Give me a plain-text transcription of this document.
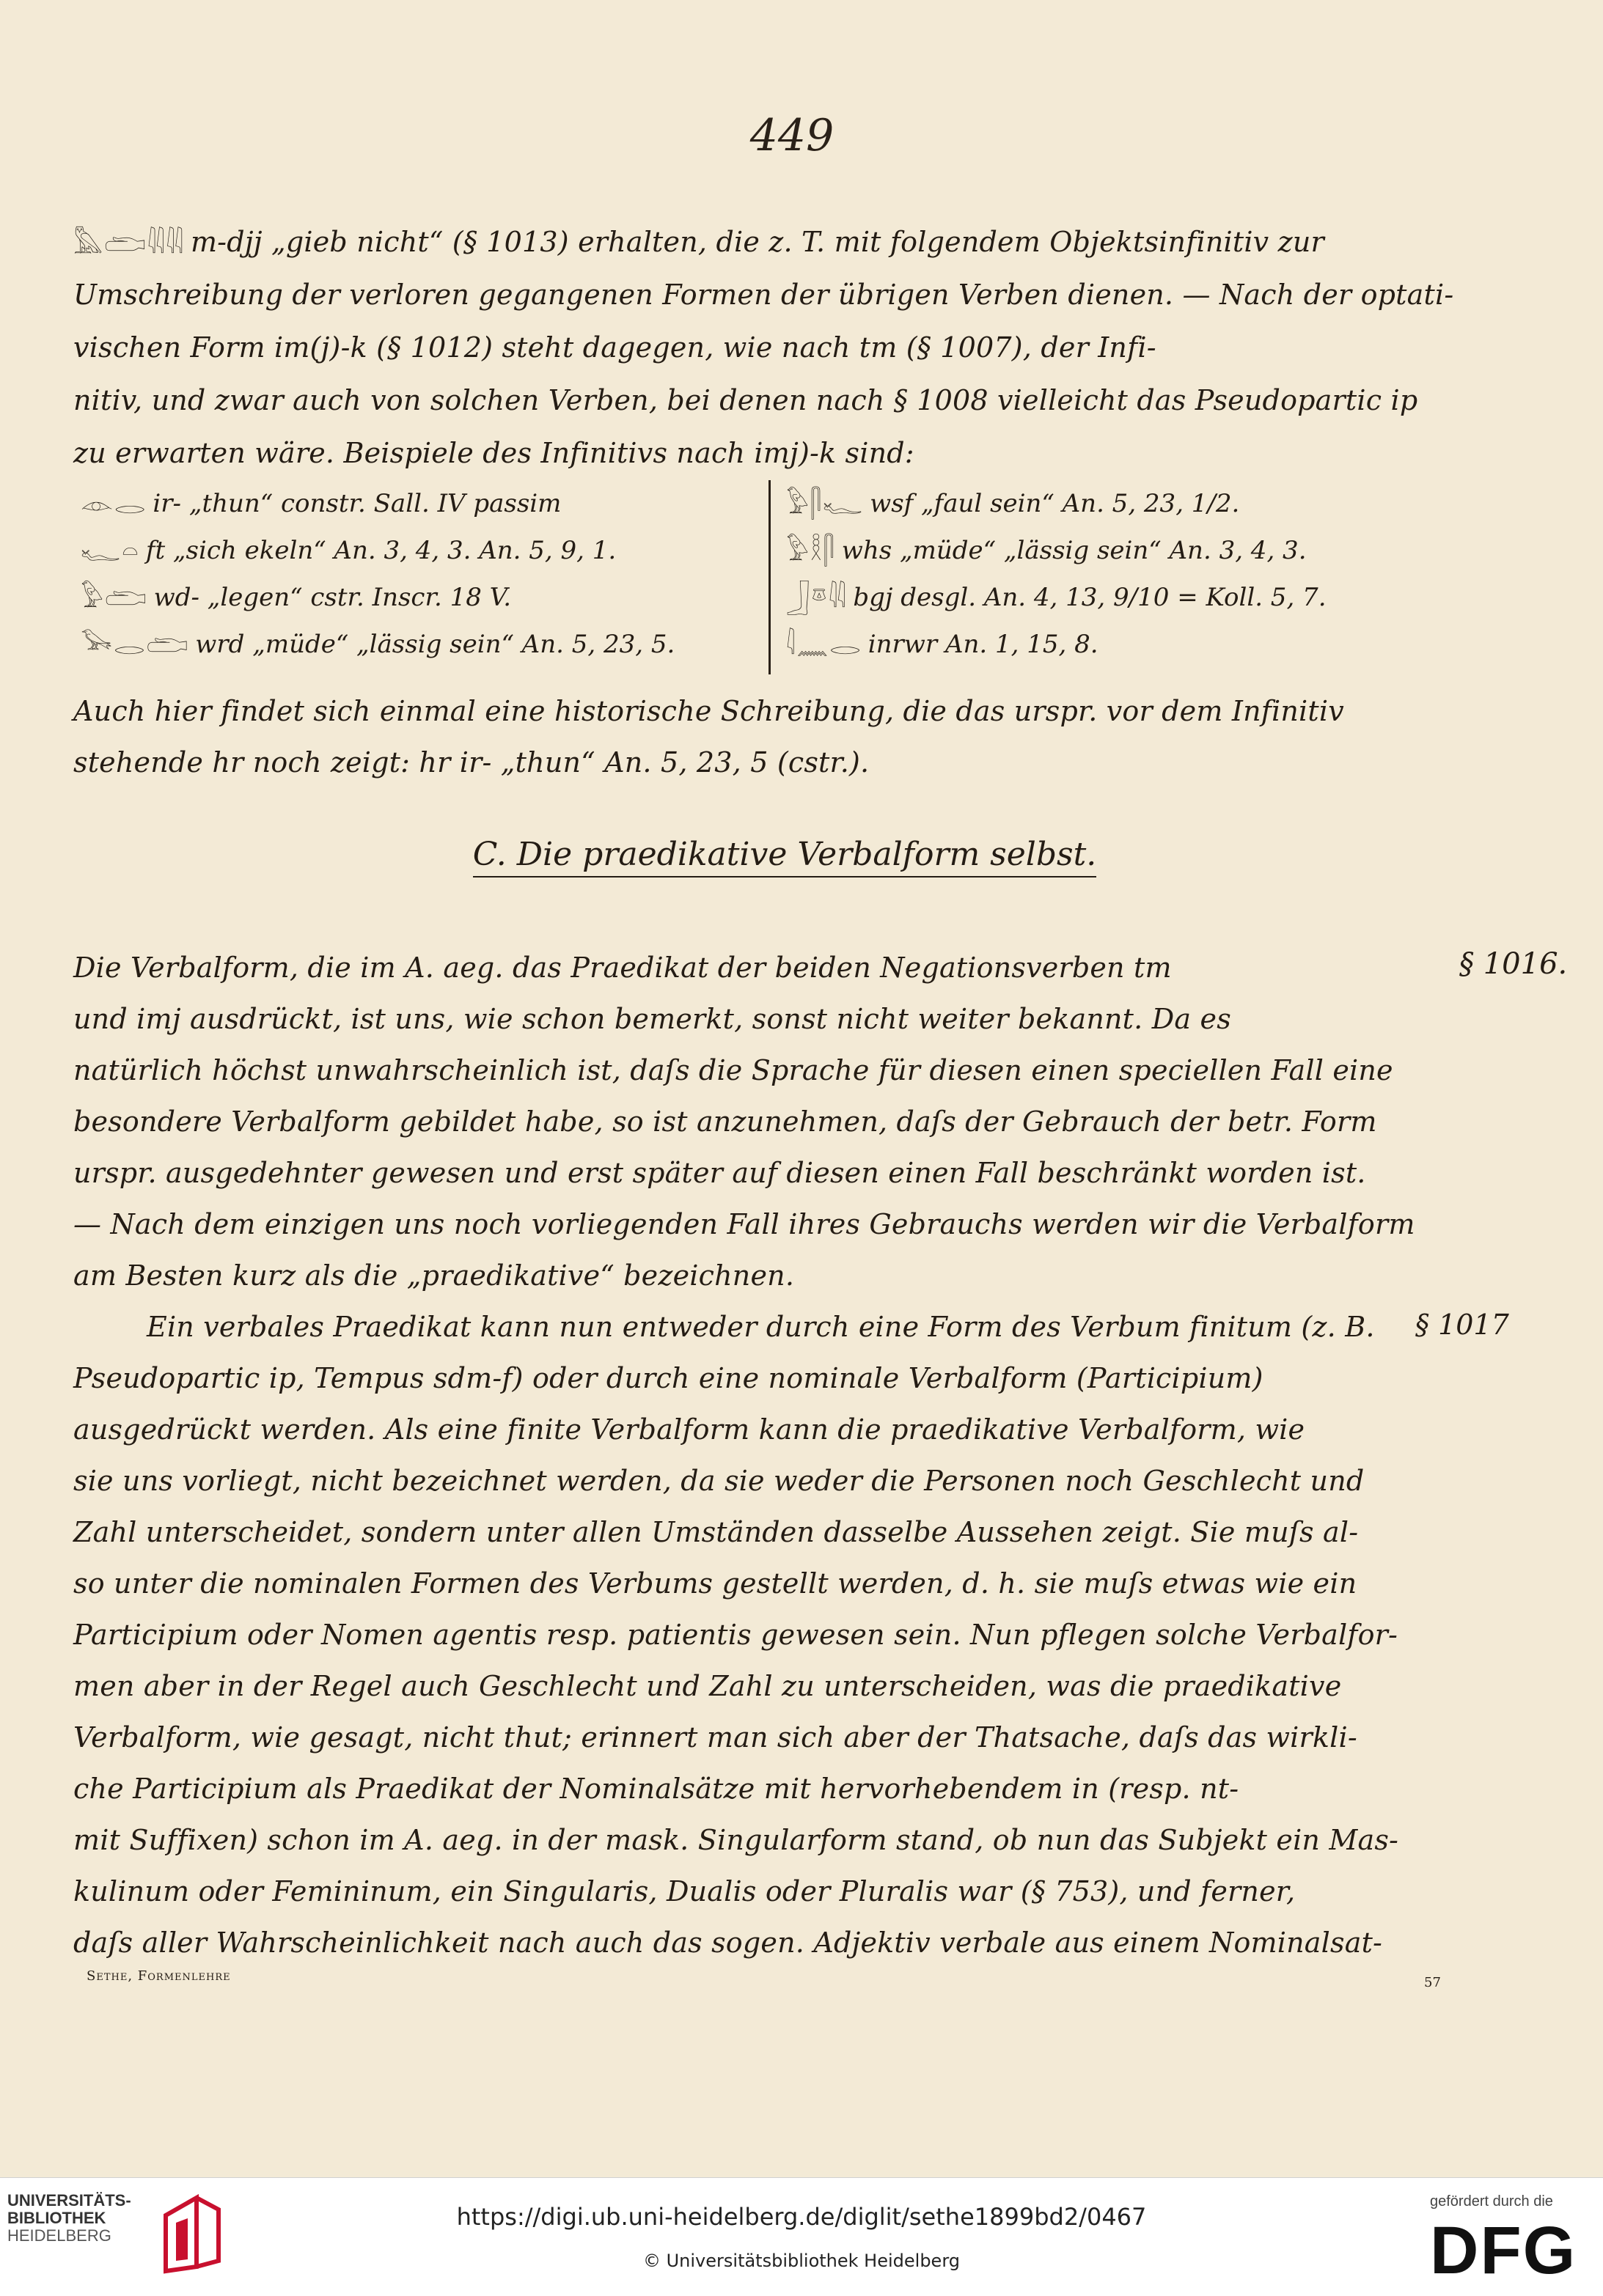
449
𓅓𓂧𓇌𓇌 m-djj „gieb nicht“ (§ 1013) erhalten, die z. T. mit folgendem Objektsinfinitiv zur
Umschreibung der verloren gegangenen Formen der übrigen Verben dienen. — Nach der optati-
vischen Form im(j)-k (§ 1012) steht dagegen, wie nach tm (§ 1007), der Infi-
nitiv, und zwar auch von solchen Verben, bei denen nach § 1008 vielleicht das Pseudopartic ip
zu erwarten wäre. Beispiele des Infinitivs nach imj)-k sind:
𓁹𓂋 ir- „thun“ constr. Sall. IV passim
𓆑𓏏 ft „sich ekeln“ An. 3, 4, 3. An. 5, 9, 1.
𓅱𓂧 wd- „legen“ cstr. Inscr. 18 V.
𓅨𓂋𓂧 wrd „müde“ „lässig sein“ An. 5, 23, 5.
𓅱𓋴𓆑 wsf „faul sein“ An. 5, 23, 1/2.
𓅱𓎛𓋴 whs „müde“ „lässig sein“ An. 3, 4, 3.
𓃀𓎼𓇌 bgj desgl. An. 4, 13, 9/10 = Koll. 5, 7.
𓇋𓈖𓂋 inrwr An. 1, 15, 8.
Auch hier findet sich einmal eine historische Schreibung, die das urspr. vor dem Infinitiv
stehende hr noch zeigt: hr ir- „thun“ An. 5, 23, 5 (cstr.).
C. Die praedikative Verbalform selbst.
§ 1016.
§ 1017
Die Verbalform, die im A. aeg. das Praedikat der beiden Negationsverben tm
und imj ausdrückt, ist uns, wie schon bemerkt, sonst nicht weiter bekannt. Da es
natürlich höchst unwahrscheinlich ist, daſs die Sprache für diesen einen speciellen Fall eine
besondere Verbalform gebildet habe, so ist anzunehmen, daſs der Gebrauch der betr. Form
urspr. ausgedehnter gewesen und erst später auf diesen einen Fall beschränkt worden ist.
— Nach dem einzigen uns noch vorliegenden Fall ihres Gebrauchs werden wir die Verbalform
am Besten kurz als die „praedikative“ bezeichnen.
Ein verbales Praedikat kann nun entweder durch eine Form des Verbum finitum (z. B.
Pseudopartic ip, Tempus sdm-f) oder durch eine nominale Verbalform (Participium)
ausgedrückt werden. Als eine finite Verbalform kann die praedikative Verbalform, wie
sie uns vorliegt, nicht bezeichnet werden, da sie weder die Personen noch Geschlecht und
Zahl unterscheidet, sondern unter allen Umständen dasselbe Aussehen zeigt. Sie muſs al-
so unter die nominalen Formen des Verbums gestellt werden, d. h. sie muſs etwas wie ein
Participium oder Nomen agentis resp. patientis gewesen sein. Nun pflegen solche Verbalfor-
men aber in der Regel auch Geschlecht und Zahl zu unterscheiden, was die praedikative
Verbalform, wie gesagt, nicht thut; erinnert man sich aber der Thatsache, daſs das wirkli-
che Participium als Praedikat der Nominalsätze mit hervorhebendem in (resp. nt-
mit Suffixen) schon im A. aeg. in der mask. Singularform stand, ob nun das Subjekt ein Mas-
kulinum oder Femininum, ein Singularis, Dualis oder Pluralis war (§ 753), und ferner,
daſs aller Wahrscheinlichkeit nach auch das sogen. Adjektiv verbale aus einem Nominalsat-
Sethe, Formenlehre	57
UNIVERSITÄTS-
BIBLIOTHEK
HEIDELBERG
https://digi.ub.uni-heidelberg.de/diglit/sethe1899bd2/0467
© Universitätsbibliothek Heidelberg
gefördert durch die
DFG
